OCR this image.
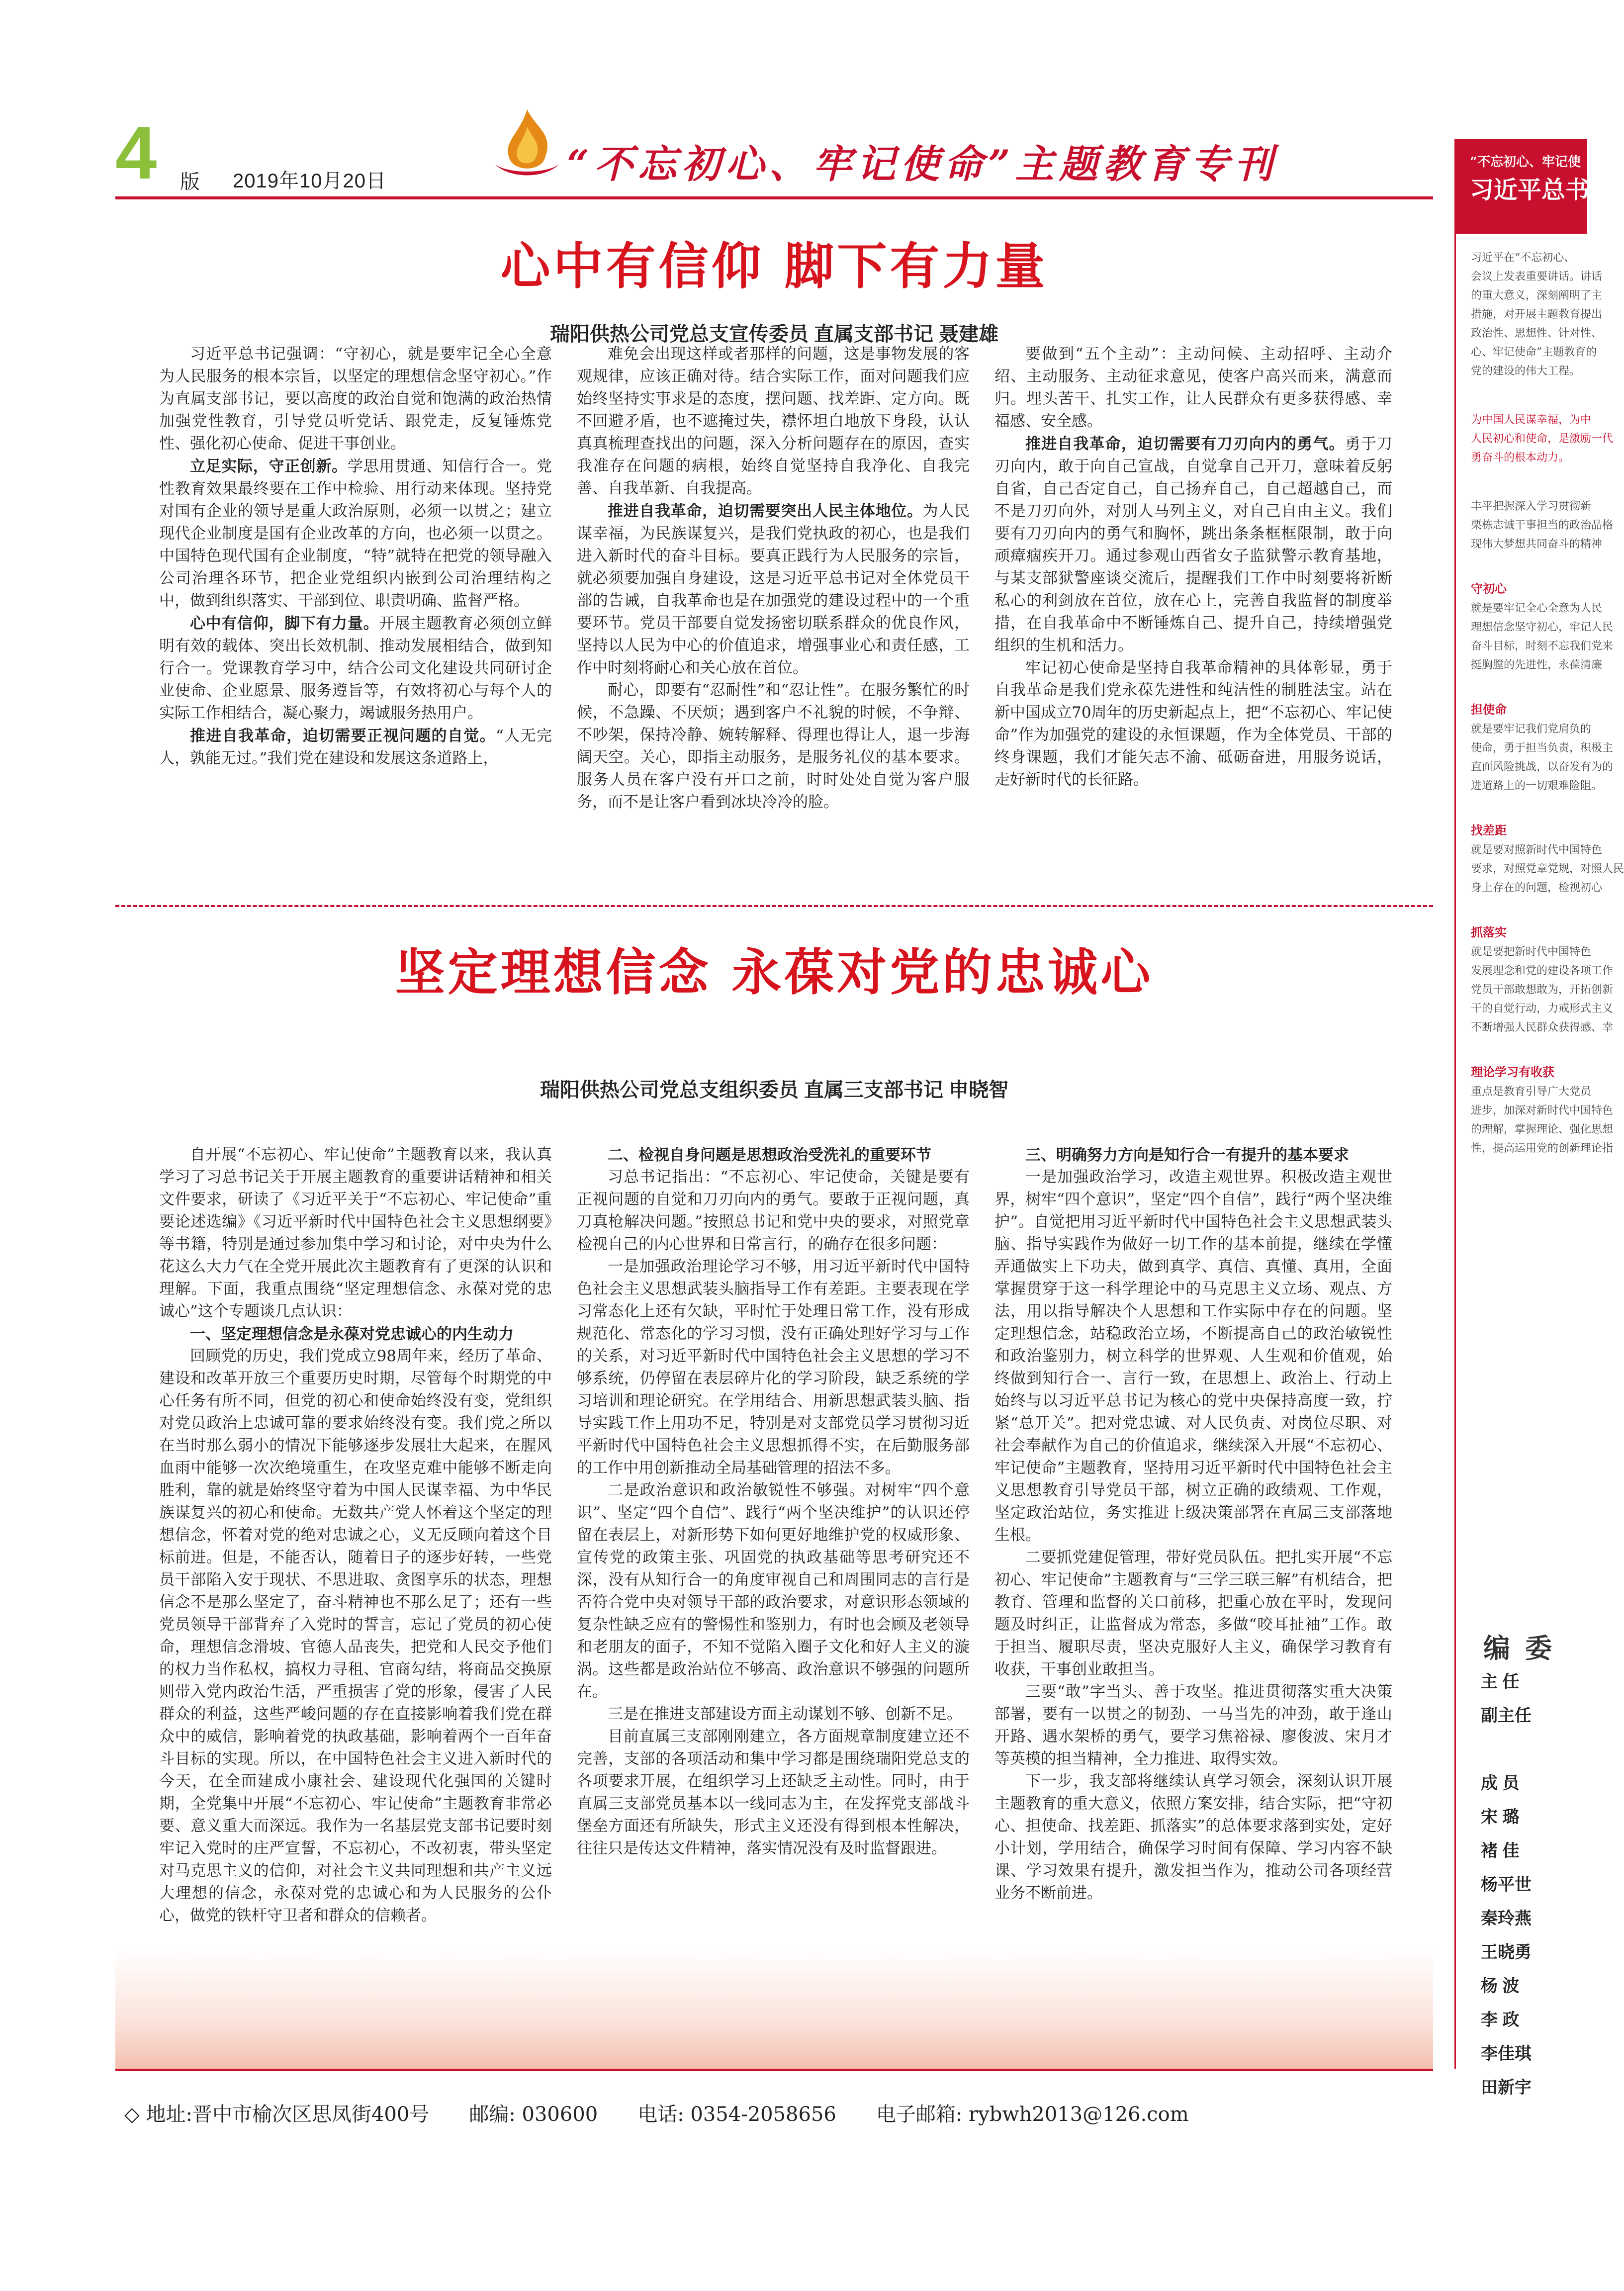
4 版 2019年10月20日	“不忘初心、牢记使命”主题教育专刊
心中有信仰 脚下有力量
瑞阳供热公司党总支宣传委员 直属支部书记 聂建雄

习近平总书记强调：“守初心，就是要牢记全心全意为人民服务的根本宗旨，以坚定的理想信念坚守初心。”作为直属支部书记，要以高度的政治自觉和饱满的政治热情加强党性教育，引导党员听党话、跟党走，反复锤炼党性、强化初心使命、促进干事创业。

立足实际，守正创新。学思用贯通、知信行合一。党性教育效果最终要在工作中检验、用行动来体现。坚持党对国有企业的领导是重大政治原则，必须一以贯之；建立现代企业制度是国有企业改革的方向，也必须一以贯之。中国特色现代国有企业制度，“特”就特在把党的领导融入公司治理各环节，把企业党组织内嵌到公司治理结构之中，做到组织落实、干部到位、职责明确、监督严格。

心中有信仰，脚下有力量。开展主题教育必须创立鲜明有效的载体、突出长效机制、推动发展相结合，做到知行合一。党课教育学习中，结合公司文化建设共同研讨企业使命、企业愿景、服务遵旨等，有效将初心与每个人的实际工作相结合，凝心聚力，竭诚服务热用户。

推进自我革命，迫切需要正视问题的自觉。“人无完人，孰能无过。”我们党在建设和发展这条道路上，

难免会出现这样或者那样的问题，这是事物发展的客观规律，应该正确对待。结合实际工作，面对问题我们应始终坚持实事求是的态度，摆问题、找差距、定方向。既不回避矛盾，也不遮掩过失，襟怀坦白地放下身段，认认真真梳理查找出的问题，深入分析问题存在的原因，查实我准存在问题的病根，始终自觉坚持自我净化、自我完善、自我革新、自我提高。

推进自我革命，迫切需要突出人民主体地位。为人民谋幸福，为民族谋复兴，是我们党执政的初心，也是我们进入新时代的奋斗目标。要真正践行为人民服务的宗旨，就必须要加强自身建设，这是习近平总书记对全体党员干部的告诫，自我革命也是在加强党的建设过程中的一个重要环节。党员干部要自觉发扬密切联系群众的优良作风，坚持以人民为中心的价值追求，增强事业心和责任感，工作中时刻将耐心和关心放在首位。

耐心，即要有“忍耐性”和“忍让性”。在服务繁忙的时候，不急躁、不厌烦；遇到客户不礼貌的时候，不争辩、不吵架，保持冷静、婉转解释、得理也得让人，退一步海阔天空。关心，即指主动服务，是服务礼仪的基本要求。服务人员在客户没有开口之前，时时处处自觉为客户服务，而不是让客户看到冰块冷冷的脸。

要做到“五个主动”：主动问候、主动招呼、主动介绍、主动服务、主动征求意见，使客户高兴而来，满意而归。埋头苦干、扎实工作，让人民群众有更多获得感、幸福感、安全感。

推进自我革命，迫切需要有刀刃向内的勇气。勇于刀刃向内，敢于向自己宣战，自觉拿自己开刀，意味着反躬自省，自己否定自己，自己扬弃自己，自己超越自己，而不是刀刃向外，对别人马列主义，对自己自由主义。我们要有刀刃向内的勇气和胸怀，跳出条条框框限制，敢于向顽瘴痼疾开刀。通过参观山西省女子监狱警示教育基地，与某支部狱警座谈交流后，提醒我们工作中时刻要将祈断私心的利剑放在首位，放在心上，完善自我监督的制度举措，在自我革命中不断锤炼自己、提升自己，持续增强党组织的生机和活力。

牢记初心使命是坚持自我革命精神的具体彰显，勇于自我革命是我们党永葆先进性和纯洁性的制胜法宝。站在新中国成立70周年的历史新起点上，把“不忘初心、牢记使命”作为加强党的建设的永恒课题，作为全体党员、干部的终身课题，我们才能矢志不渝、砥砺奋进，用服务说话，走好新时代的长征路。

坚定理想信念 永葆对党的忠诚心
瑞阳供热公司党总支组织委员 直属三支部书记 申晓智

自开展“不忘初心、牢记使命”主题教育以来，我认真学习了习总书记关于开展主题教育的重要讲话精神和相关文件要求，研读了《习近平关于“不忘初心、牢记使命”重要论述选编》《习近平新时代中国特色社会主义思想纲要》等书籍，特别是通过参加集中学习和讨论，对中央为什么花这么大力气在全党开展此次主题教育有了更深的认识和理解。下面，我重点围绕“坚定理想信念、永葆对党的忠诚心”这个专题谈几点认识：

一、坚定理想信念是永葆对党忠诚心的内生动力

回顾党的历史，我们党成立98周年来，经历了革命、建设和改革开放三个重要历史时期，尽管每个时期党的中心任务有所不同，但党的初心和使命始终没有变，党组织对党员政治上忠诚可靠的要求始终没有变。我们党之所以在当时那么弱小的情况下能够逐步发展壮大起来，在腥风血雨中能够一次次绝境重生，在攻坚克难中能够不断走向胜利，靠的就是始终坚守着为中国人民谋幸福、为中华民族谋复兴的初心和使命。无数共产党人怀着这个坚定的理想信念，怀着对党的绝对忠诚之心，义无反顾向着这个目标前进。但是，不能否认，随着日子的逐步好转，一些党员干部陷入安于现状、不思进取、贪图享乐的状态，理想信念不是那么坚定了，奋斗精神也不那么足了；还有一些党员领导干部背弃了入党时的誓言，忘记了党员的初心使命，理想信念滑坡、官德人品丧失，把党和人民交予他们的权力当作私权，搞权力寻租、官商勾结，将商品交换原则带入党内政治生活，严重损害了党的形象，侵害了人民群众的利益，这些严峻问题的存在直接影响着我们党在群众中的威信，影响着党的执政基础，影响着两个一百年奋斗目标的实现。所以，在中国特色社会主义进入新时代的今天，在全面建成小康社会、建设现代化强国的关键时期，全党集中开展“不忘初心、牢记使命”主题教育非常必要、意义重大而深远。我作为一名基层党支部书记要时刻牢记入党时的庄严宣誓，不忘初心，不改初衷，带头坚定对马克思主义的信仰，对社会主义共同理想和共产主义远大理想的信念，永葆对党的忠诚心和为人民服务的公仆心，做党的铁杆守卫者和群众的信赖者。

二、检视自身问题是思想政治受洗礼的重要环节

习总书记指出：“不忘初心、牢记使命，关键是要有正视问题的自觉和刀刃向内的勇气。要敢于正视问题，真刀真枪解决问题。”按照总书记和党中央的要求，对照党章检视自己的内心世界和日常言行，的确存在很多问题：

一是加强政治理论学习不够，用习近平新时代中国特色社会主义思想武装头脑指导工作有差距。主要表现在学习常态化上还有欠缺，平时忙于处理日常工作，没有形成规范化、常态化的学习习惯，没有正确处理好学习与工作的关系，对习近平新时代中国特色社会主义思想的学习不够系统，仍停留在表层碎片化的学习阶段，缺乏系统的学习培训和理论研究。在学用结合、用新思想武装头脑、指导实践工作上用功不足，特别是对支部党员学习贯彻习近平新时代中国特色社会主义思想抓得不实，在后勤服务部的工作中用创新推动全局基础管理的招法不多。

二是政治意识和政治敏锐性不够强。对树牢“四个意识”、坚定“四个自信”、践行“两个坚决维护”的认识还停留在表层上，对新形势下如何更好地维护党的权威形象、宣传党的政策主张、巩固党的执政基础等思考研究还不深，没有从知行合一的角度审视自己和周围同志的言行是否符合党中央对领导干部的政治要求，对意识形态领域的复杂性缺乏应有的警惕性和鉴别力，有时也会顾及老领导和老朋友的面子，不知不觉陷入圈子文化和好人主义的漩涡。这些都是政治站位不够高、政治意识不够强的问题所在。

三是在推进支部建设方面主动谋划不够、创新不足。

目前直属三支部刚刚建立，各方面规章制度建立还不完善，支部的各项活动和集中学习都是围绕瑞阳党总支的各项要求开展，在组织学习上还缺乏主动性。同时，由于直属三支部党员基本以一线同志为主，在发挥党支部战斗堡垒方面还有所缺失，形式主义还没有得到根本性解决，往往只是传达文件精神，落实情况没有及时监督跟进。

三、明确努力方向是知行合一有提升的基本要求

一是加强政治学习，改造主观世界。积极改造主观世界，树牢“四个意识”，坚定“四个自信”，践行“两个坚决维护”。自觉把用习近平新时代中国特色社会主义思想武装头脑、指导实践作为做好一切工作的基本前提，继续在学懂弄通做实上下功夫，做到真学、真信、真懂、真用，全面掌握贯穿于这一科学理论中的马克思主义立场、观点、方法，用以指导解决个人思想和工作实际中存在的问题。坚定理想信念，站稳政治立场，不断提高自己的政治敏锐性和政治鉴别力，树立科学的世界观、人生观和价值观，始终做到知行合一、言行一致，在思想上、政治上、行动上始终与以习近平总书记为核心的党中央保持高度一致，拧紧“总开关”。把对党忠诚、对人民负责、对岗位尽职、对社会奉献作为自己的价值追求，继续深入开展“不忘初心、牢记使命”主题教育，坚持用习近平新时代中国特色社会主义思想教育引导党员干部，树立正确的政绩观、工作观，坚定政治站位，务实推进上级决策部署在直属三支部落地生根。

二要抓党建促管理，带好党员队伍。把扎实开展“不忘初心、牢记使命”主题教育与“三学三联三解”有机结合，把教育、管理和监督的关口前移，把重心放在平时，发现问题及时纠正，让监督成为常态，多做“咬耳扯袖”工作。敢于担当、履职尽责，坚决克服好人主义，确保学习教育有收获，干事创业敢担当。

三要“敢”字当头、善于攻坚。推进贯彻落实重大决策部署，要有一以贯之的韧劲、一马当先的冲劲，敢于逢山开路、遇水架桥的勇气，要学习焦裕禄、廖俊波、宋月才等英模的担当精神，全力推进、取得实效。

下一步，我支部将继续认真学习领会，深刻认识开展主题教育的重大意义，依照方案安排，结合实际，把“守初心、担使命、找差距、抓落实”的总体要求落到实处，定好小计划，学用结合，确保学习时间有保障、学习内容不缺课、学习效果有提升，激发担当作为，推动公司各项经营业务不断前进。

◇ 地址:晋中市榆次区思凤街400号 邮编: 030600 电话: 0354-2058656 电子邮箱: rybwh2013@126.com
“不忘初心、牢记使
习近平总书
习近平在“不忘初心、
会议上发表重要讲话。讲话
的重大意义，深刻阐明了主
措施，对开展主题教育提出
政治性、思想性、针对性、
心、牢记使命”主题教育的
党的建设的伟大工程。
为中国人民谋幸福，为中
人民初心和使命，是激励一代
勇奋斗的根本动力。
丰平把握深入学习贯彻新
栗栋志诚干事担当的政治品格
现伟大梦想共同奋斗的精神
守初心
就是要牢记全心全意为人民
理想信念坚守初心，牢记人民
奋斗目标，时刻不忘我们党来
挺胸膛的先进性，永葆清廉
担使命
就是要牢记我们党肩负的
使命，勇于担当负责，积极主
直面风险挑战，以奋发有为的
进道路上的一切艰难险阻。
找差距
就是要对照新时代中国特色
要求，对照党章党规，对照人民
身上存在的问题，检视初心
抓落实
就是要把新时代中国特色
发展理念和党的建设各项工作
党员干部敢想敢为，开拓创新
干的自觉行动，力戒形式主义
不断增强人民群众获得感、幸
理论学习有收获
重点是教育引导广大党员
进步，加深对新时代中国特色
的理解，掌握理论、强化思想
性，提高运用党的创新理论指
编委
主 任
副主任

成 员
宋 璐
褚 佳
杨平世
秦玲燕
王晓勇
杨 波
李 政
李佳琪
田新宇
